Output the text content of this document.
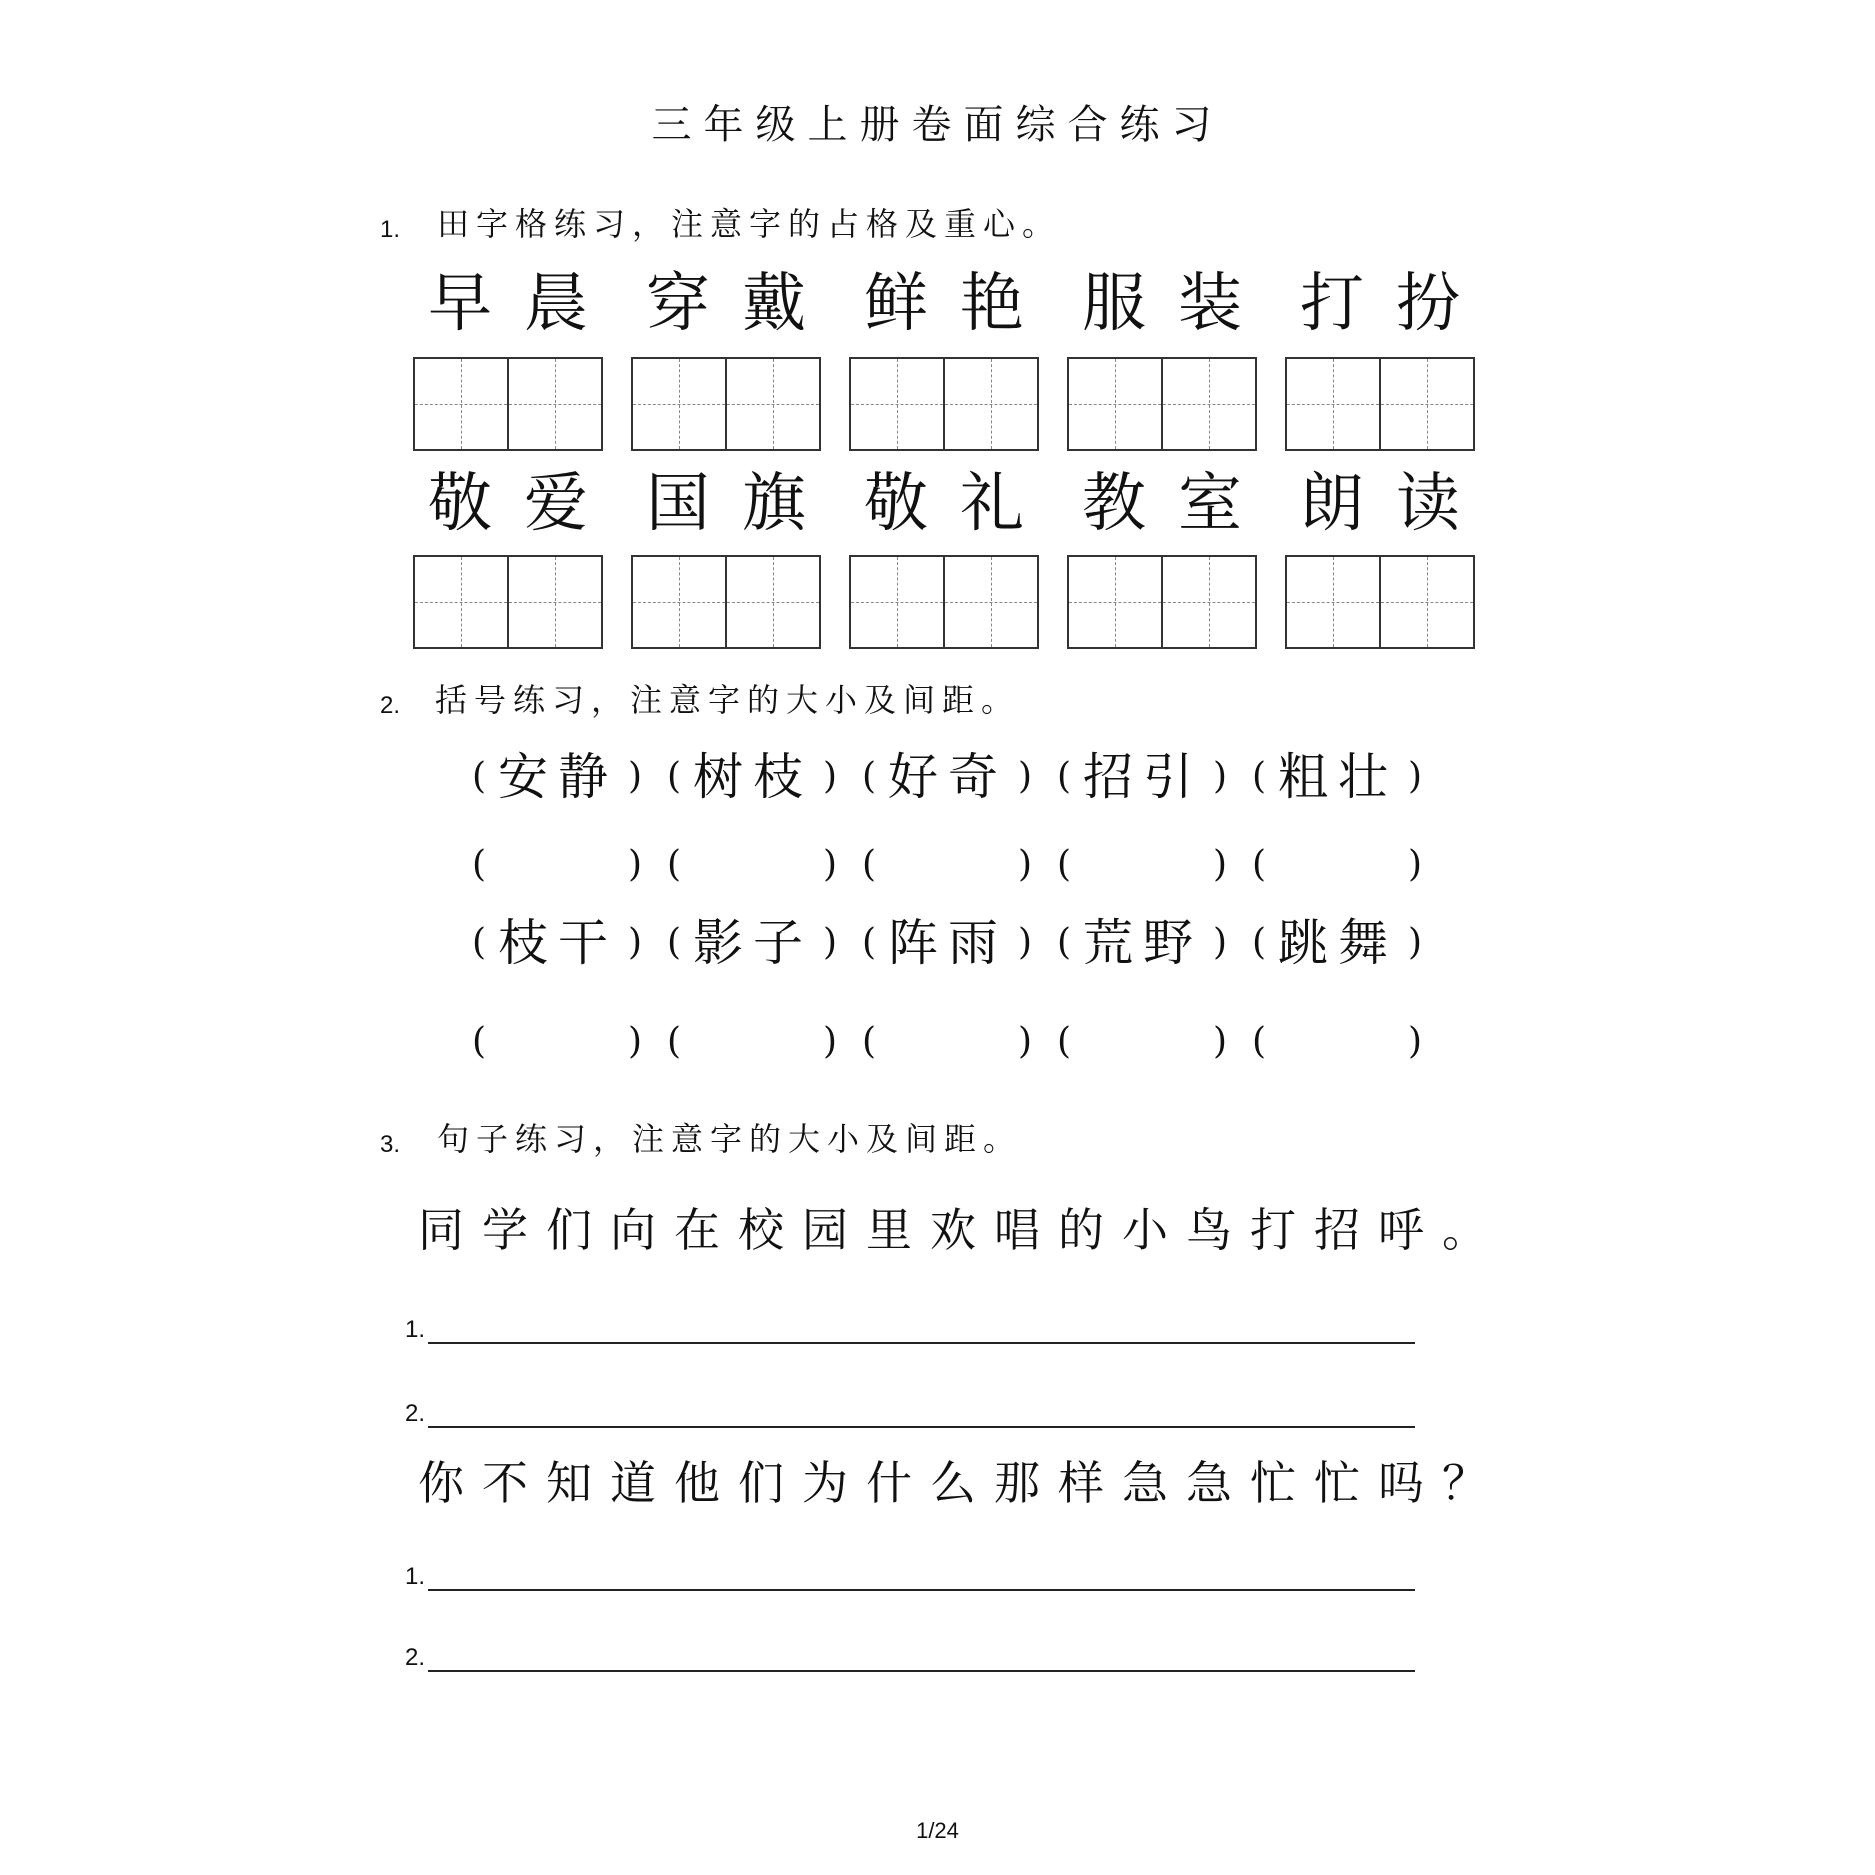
三年级上册卷面综合练习
1. 田字格练习，注意字的占格及重心。
早 晨 穿 戴 鲜 艳 服 装 打 扮
敬 爱 国 旗 敬 礼 教 室 朗 读
2. 括号练习，注意字的大小及间距。
( 安静 ) ( 树枝 ) ( 好奇 ) ( 招引 ) ( 粗壮 )
(	) (	) (	) (	) (	)
( 枝干 ) ( 影子 ) ( 阵雨 ) ( 荒野 ) ( 跳舞 )
(	) (	) (	) (	) (	)
3. 句子练习，注意字的大小及间距。
同学们向在校园里欢唱的小鸟打招呼。
1.
2.
你不知道他们为什么那样急急忙忙吗？
1.
2.
1/24
